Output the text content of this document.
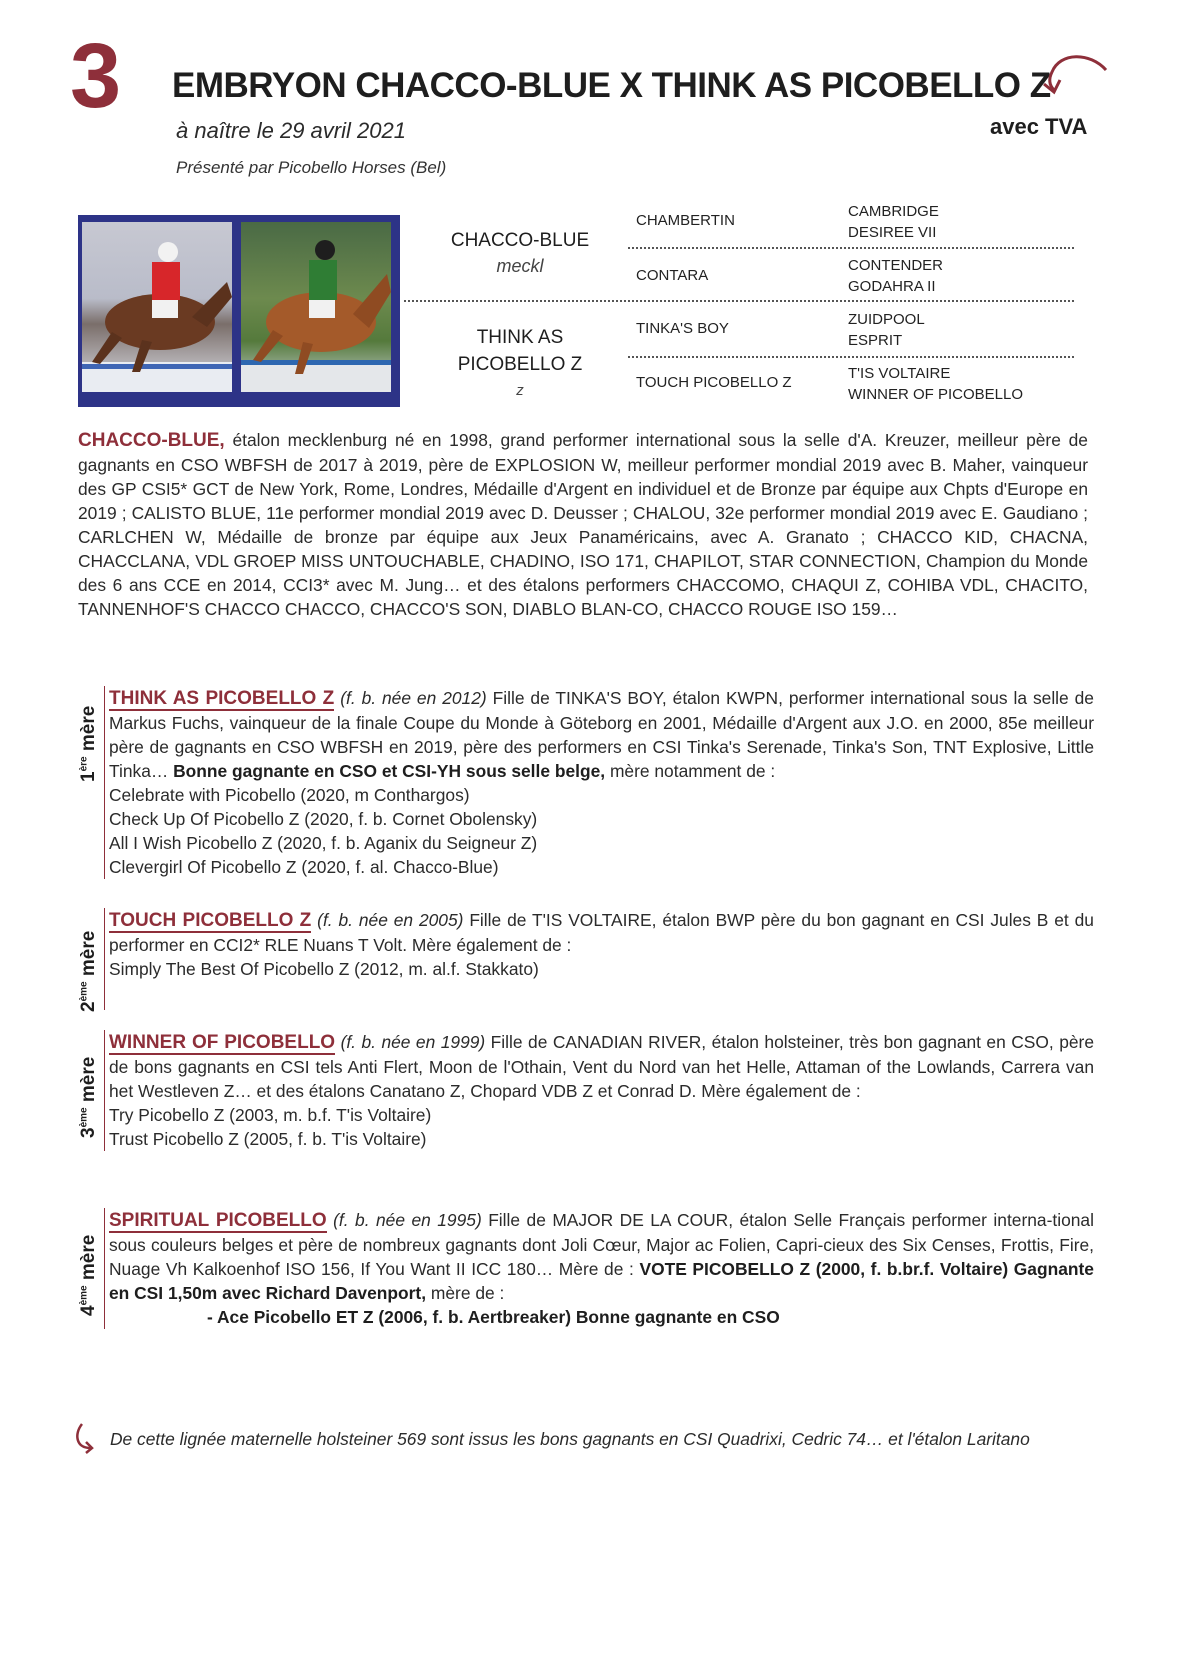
3 EMBRYON CHACCO-BLUE X THINK AS PICOBELLO Z
avec TVA
à naître le 29 avril 2021
Présenté par Picobello Horses (Bel)
CHACCO-BLUE
meckl
THINK AS
PICOBELLO Z
z
CHAMBERTIN
CONTARA
TINKA'S BOY
TOUCH PICOBELLO Z
CAMBRIDGE
DESIREE VII
CONTENDER
GODAHRA II
ZUIDPOOL
ESPRIT
T'IS VOLTAIRE
WINNER OF PICOBELLO
CHACCO-BLUE, étalon mecklenburg né en 1998, grand performer international sous la selle d'A. Kreuzer, meilleur père de gagnants en CSO WBFSH de 2017 à 2019, père de EXPLOSION W, meilleur performer mondial 2019 avec B. Maher, vainqueur des GP CSI5* GCT de New York, Rome, Londres, Médaille d'Argent en individuel et de Bronze par équipe aux Chpts d'Europe en 2019 ; CALISTO BLUE, 11e performer mondial 2019 avec D. Deusser ; CHALOU, 32e performer mondial 2019 avec E. Gaudiano ; CARLCHEN W, Médaille de bronze par équipe aux Jeux Panaméricains, avec A. Granato ; CHACCO KID, CHACNA, CHACCLANA, VDL GROEP MISS UNTOUCHABLE, CHADINO, ISO 171, CHAPILOT, STAR CONNECTION, Champion du Monde des 6 ans CCE en 2014, CCI3* avec M. Jung… et des étalons performers CHACCOMO, CHAQUI Z, COHIBA VDL, CHACITO, TANNENHOF'S CHACCO CHACCO, CHACCO'S SON, DIABLO BLAN-CO, CHACCO ROUGE ISO 159…
1ère mère
THINK AS PICOBELLO Z (f. b. née en 2012) Fille de TINKA'S BOY, étalon KWPN, performer international sous la selle de Markus Fuchs, vainqueur de la finale Coupe du Monde à Göteborg en 2001, Médaille d'Argent aux J.O. en 2000, 85e meilleur père de gagnants en CSO WBFSH en 2019, père des performers en CSI Tinka's Serenade, Tinka's Son, TNT Explosive, Little Tinka… Bonne gagnante en CSO et CSI-YH sous selle belge, mère notamment de :
Celebrate with Picobello (2020, m Conthargos)
Check Up Of Picobello Z (2020, f. b. Cornet Obolensky)
All I Wish Picobello Z (2020, f. b. Aganix du Seigneur Z)
Clevergirl Of Picobello Z (2020, f. al. Chacco-Blue)
2ème mère
TOUCH PICOBELLO Z (f. b. née en 2005) Fille de T'IS VOLTAIRE, étalon BWP père du bon gagnant en CSI Jules B et du performer en CCI2* RLE Nuans T Volt. Mère également de :
Simply The Best Of Picobello Z (2012, m. al.f. Stakkato)
3ème mère
WINNER OF PICOBELLO (f. b. née en 1999) Fille de CANADIAN RIVER, étalon holsteiner, très bon gagnant en CSO, père de bons gagnants en CSI tels Anti Flert, Moon de l'Othain, Vent du Nord van het Helle, Attaman of the Lowlands, Carrera van het Westleven Z… et des étalons Canatano Z, Chopard VDB Z et Conrad D. Mère également de :
Try Picobello Z (2003, m. b.f. T'is Voltaire)
Trust Picobello Z (2005, f. b. T'is Voltaire)
4ème mère
SPIRITUAL PICOBELLO (f. b. née en 1995) Fille de MAJOR DE LA COUR, étalon Selle Français performer interna-tional sous couleurs belges et père de nombreux gagnants dont Joli Cœur, Major ac Folien, Capri-cieux des Six Censes, Frottis, Fire, Nuage Vh Kalkoenhof ISO 156, If You Want II ICC 180… Mère de : VOTE PICOBELLO Z (2000, f. b.br.f. Voltaire) Gagnante en CSI 1,50m avec Richard Davenport, mère de :
- Ace Picobello ET Z (2006, f. b. Aertbreaker) Bonne gagnante en CSO
De cette lignée maternelle holsteiner 569 sont issus les bons gagnants en CSI Quadrixi, Cedric 74… et l'étalon Laritano
